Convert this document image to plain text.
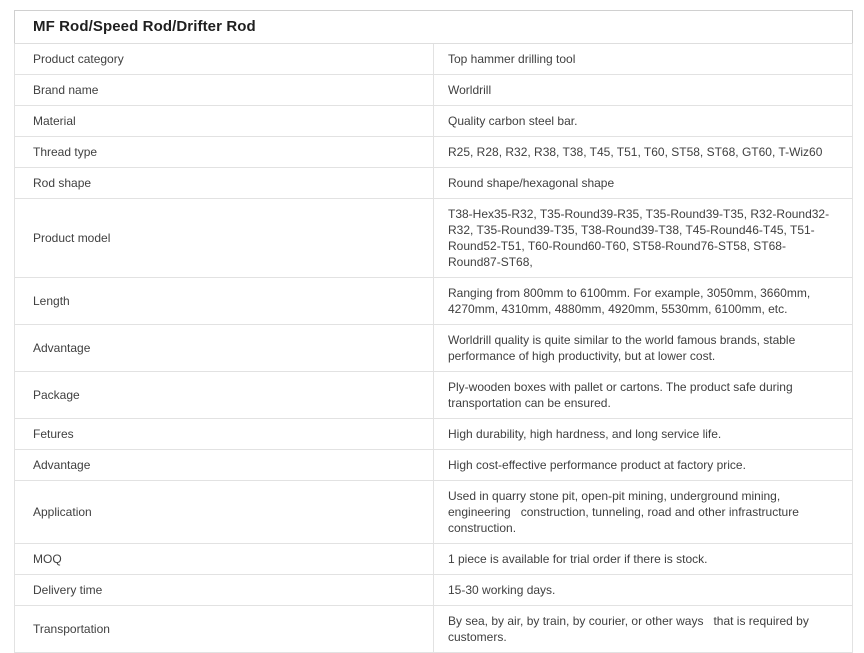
MF Rod/Speed Rod/Drifter Rod	
Product category	Top hammer drilling tool
Brand name	Worldrill
Material	Quality carbon steel bar.
Thread type	R25, R28, R32, R38, T38, T45, T51, T60, ST58, ST68, GT60, T-Wiz60
Rod shape	Round shape/hexagonal shape
Product model	T38-Hex35-R32, T35-Round39-R35, T35-Round39-T35, R32-Round32-R32, T35-Round39-T35, T38-Round39-T38, T45-Round46-T45, T51-Round52-T51, T60-Round60-T60, ST58-Round76-ST58, ST68-Round87-ST68,
Length	Ranging from 800mm to 6100mm. For example, 3050mm, 3660mm, 4270mm, 4310mm, 4880mm, 4920mm, 5530mm, 6100mm, etc.
Advantage	Worldrill quality is quite similar to the world famous brands, stable performance of high productivity, but at lower cost.
Package	Ply-wooden boxes with pallet or cartons. The product safe during transportation can be ensured.
Fetures	High durability, high hardness, and long service life.
Advantage	High cost-effective performance product at factory price.
Application	Used in quarry stone pit, open-pit mining, underground mining, engineering   construction, tunneling, road and other infrastructure construction.
MOQ	1 piece is available for trial order if there is stock.
Delivery time	15-30 working days.
Transportation	By sea, by air, by train, by courier, or other ways   that is required by customers.
